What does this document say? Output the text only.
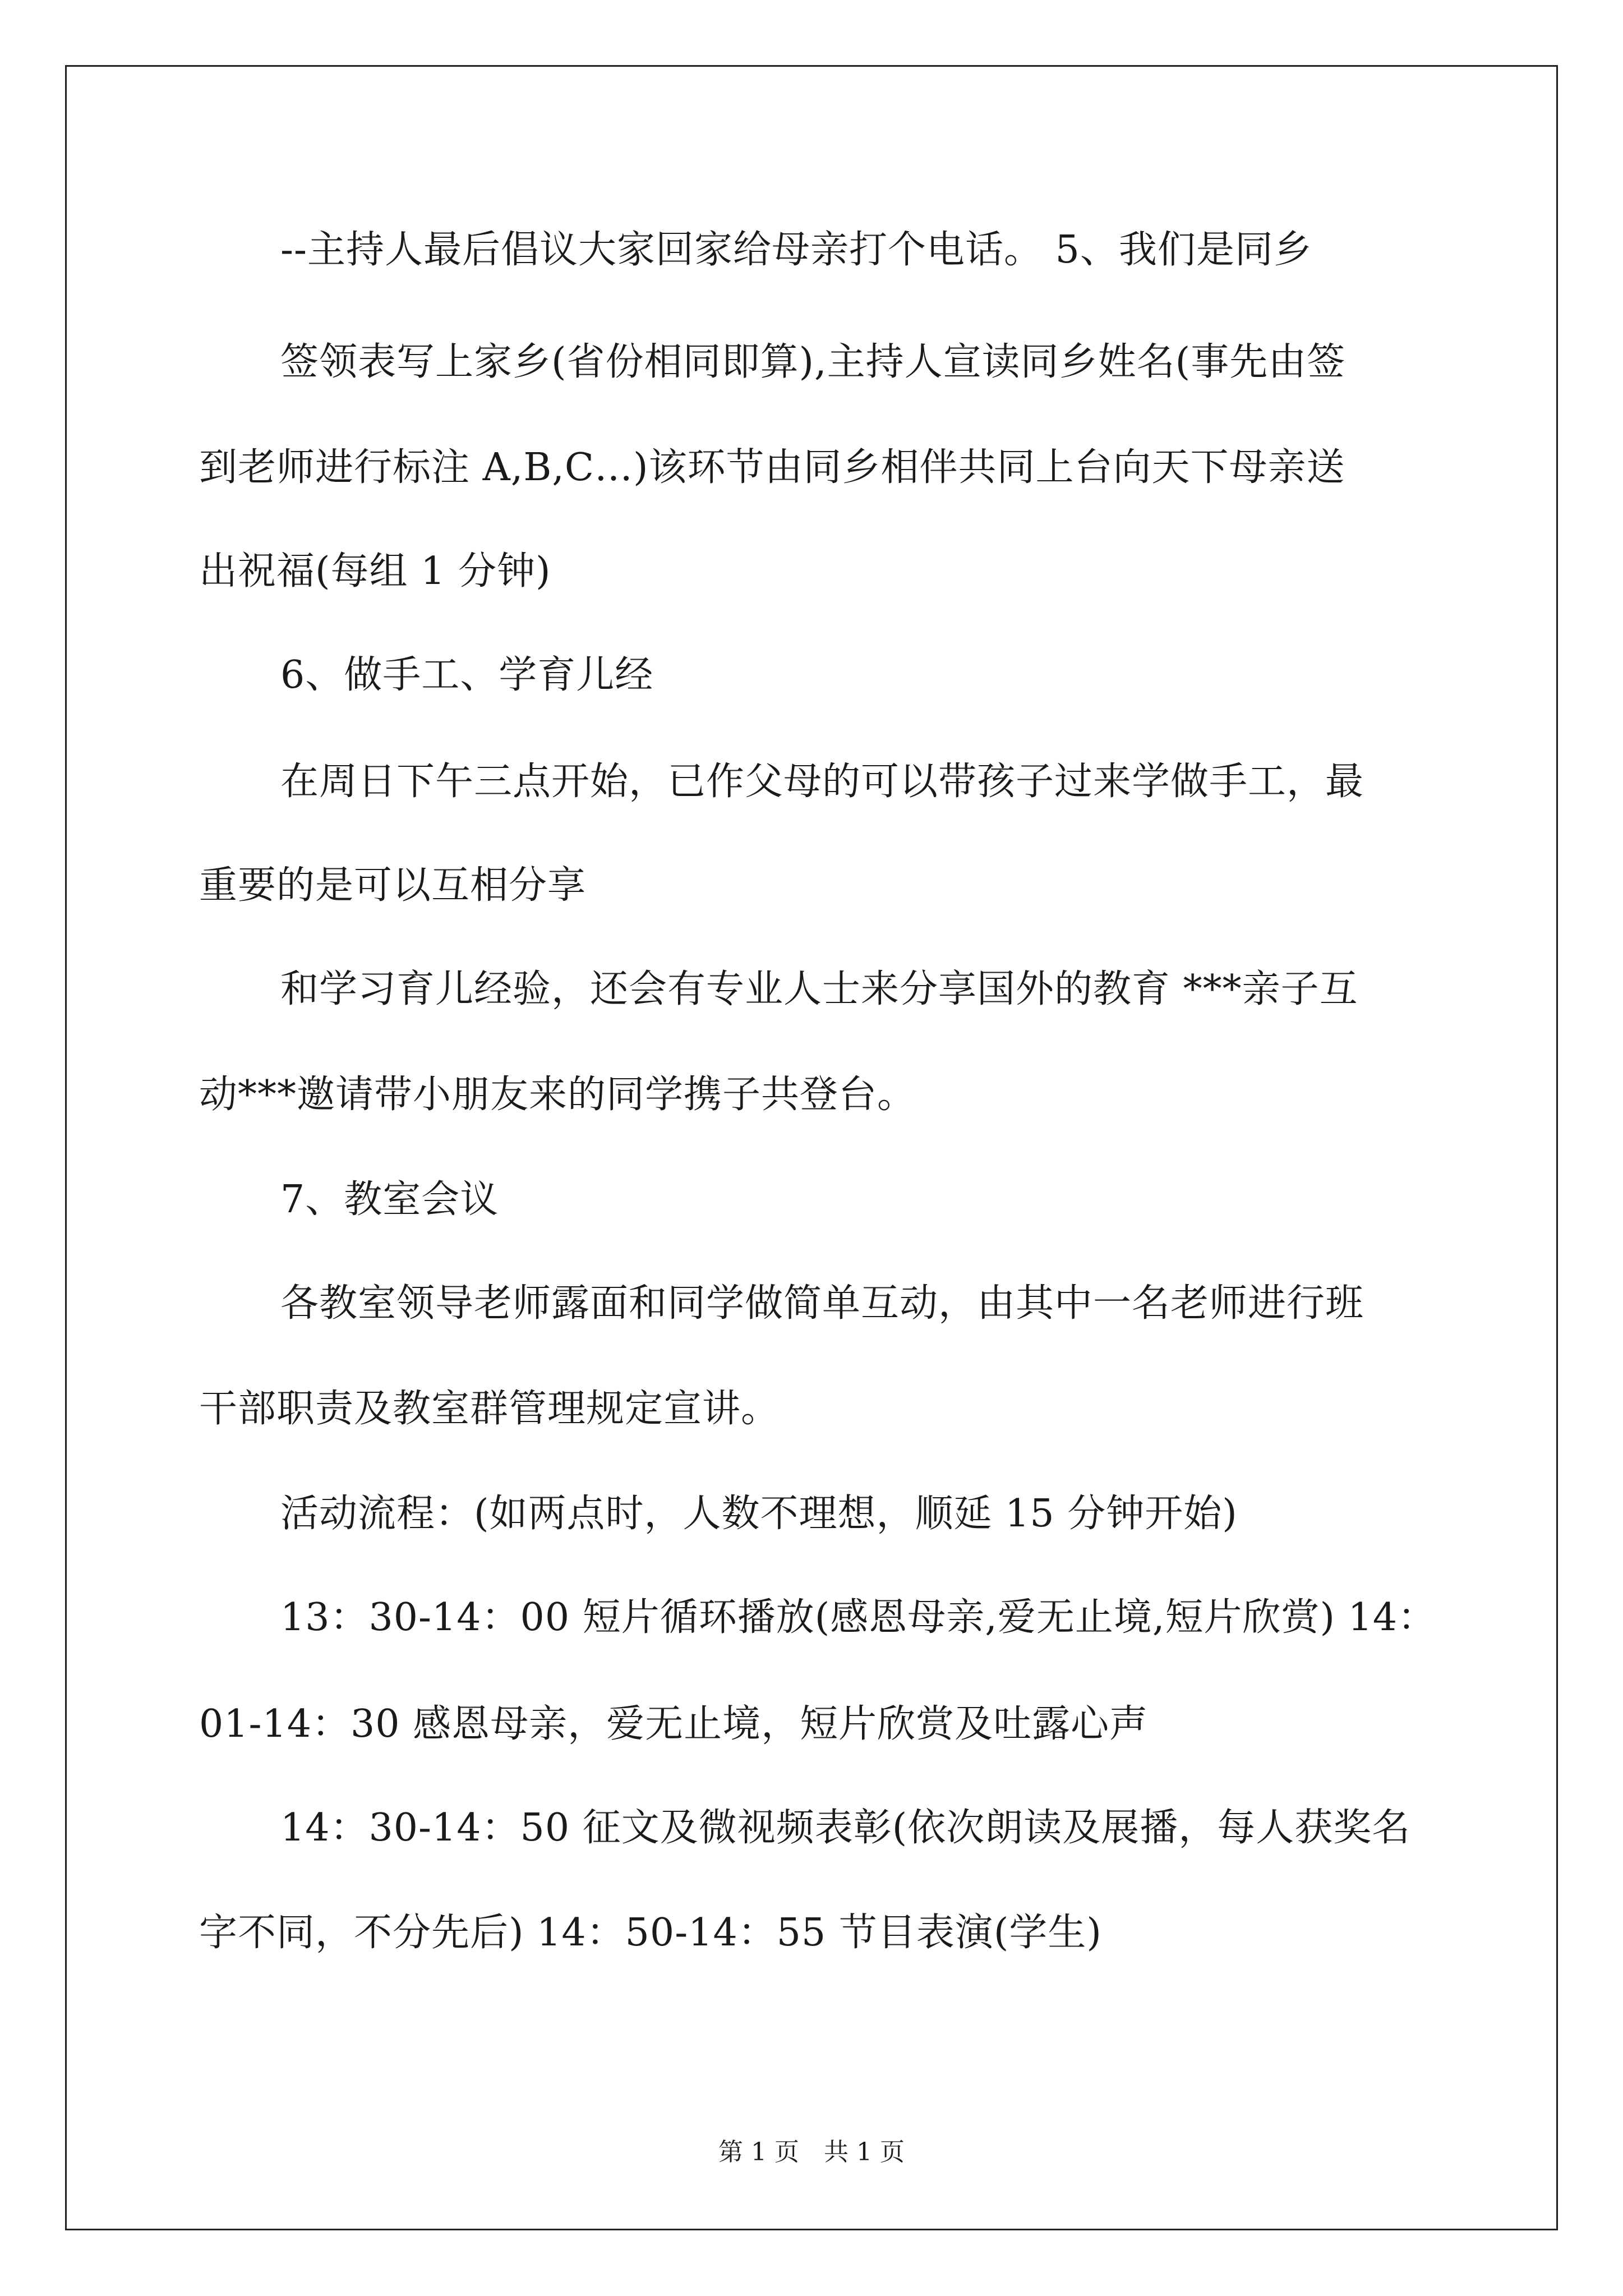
--主持人最后倡议大家回家给母亲打个电话。 5、我们是同乡
签领表写上家乡(省份相同即算),主持人宣读同乡姓名(事先由签
到老师进行标注 A,B,C…)该环节由同乡相伴共同上台向天下母亲送
出祝福(每组 1 分钟)
6、做手工、学育儿经
在周日下午三点开始，已作父母的可以带孩子过来学做手工，最
重要的是可以互相分享
和学习育儿经验，还会有专业人士来分享国外的教育 ***亲子互
动***邀请带小朋友来的同学携子共登台。
7、教室会议
各教室领导老师露面和同学做简单互动，由其中一名老师进行班
干部职责及教室群管理规定宣讲。
活动流程：(如两点时，人数不理想，顺延 15 分钟开始)
13：30-14：00 短片循环播放(感恩母亲,爱无止境,短片欣赏) 14：
01-14：30 感恩母亲，爱无止境，短片欣赏及吐露心声
14：30-14：50 征文及微视频表彰(依次朗读及展播，每人获奖名
字不同，不分先后) 14：50-14：55 节目表演(学生)
第 1 页　共 1 页
